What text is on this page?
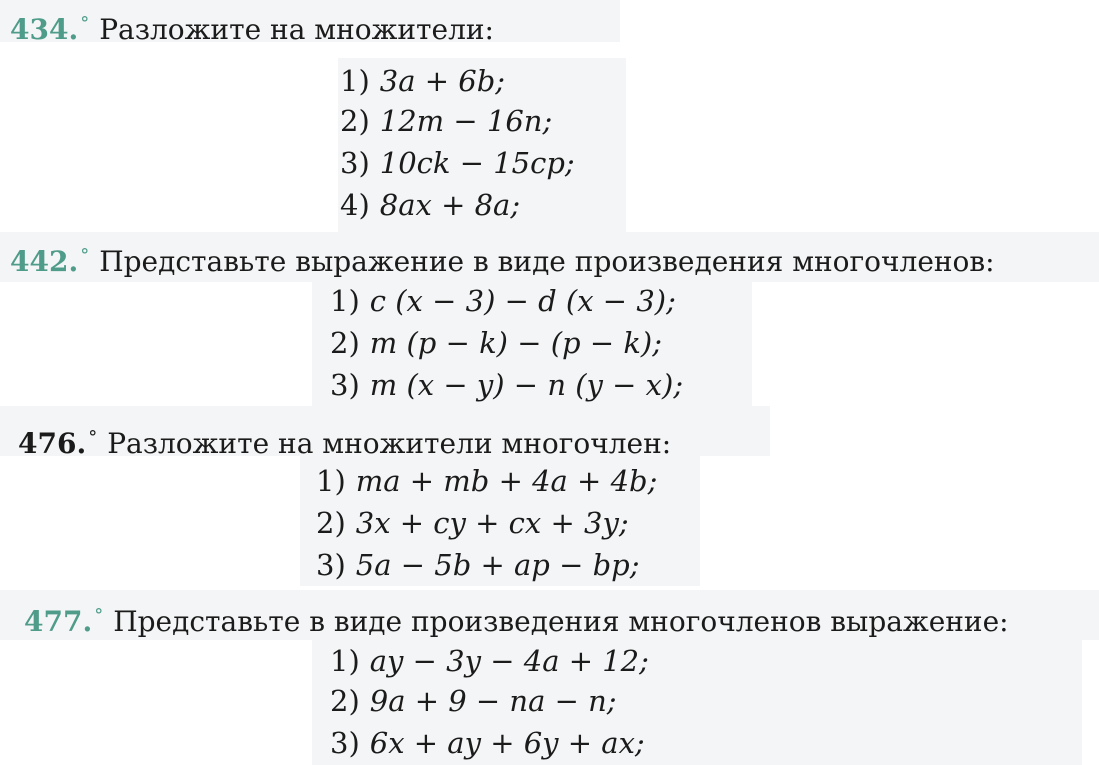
434. ° Разложите на множители:
1) 3a + 6b;
2) 12m − 16n;
3) 10ck − 15cp;
4) 8ax + 8a;
442. ° Представьте выражение в виде произведения многочленов:
1) c (x − 3) − d (x − 3);
2) m (p − k) − (p − k);
3) m (x − y) − n (y − x);
476. ° Разложите на множители многочлен:
1) ma + mb + 4a + 4b;
2) 3x + cy + cx + 3y;
3) 5a − 5b + ap − bp;
477. ° Представьте в виде произведения многочленов выражение:
1) ay − 3y − 4a + 12;
2) 9a + 9 − na − n;
3) 6x + ay + 6y + ax;
